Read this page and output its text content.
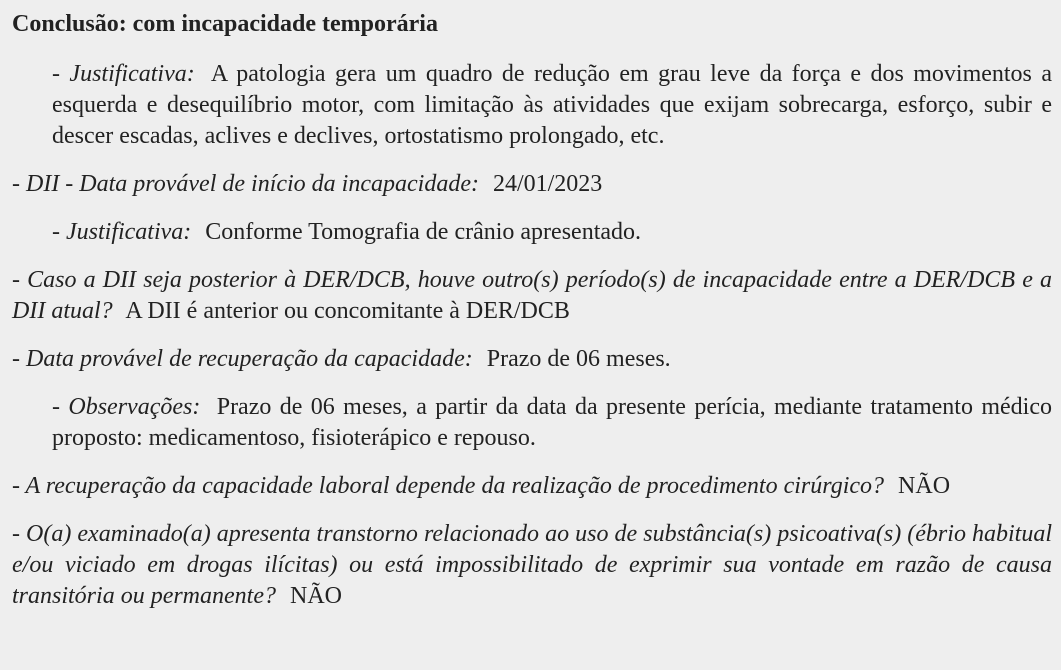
Conclusão: com incapacidade temporária
- Justificativa: A patologia gera um quadro de redução em grau leve da força e dos movimentos a esquerda e desequilíbrio motor, com limitação às atividades que exijam sobrecarga, esforço, subir e descer escadas, aclives e declives, ortostatismo prolongado, etc.
- DII - Data provável de início da incapacidade: 24/01/2023
- Justificativa: Conforme Tomografia de crânio apresentado.
- Caso a DII seja posterior à DER/DCB, houve outro(s) período(s) de incapacidade entre a DER/DCB e a DII atual? A DII é anterior ou concomitante à DER/DCB
- Data provável de recuperação da capacidade: Prazo de 06 meses.
- Observações: Prazo de 06 meses, a partir da data da presente perícia, mediante tratamento médico proposto: medicamentoso, fisioterápico e repouso.
- A recuperação da capacidade laboral depende da realização de procedimento cirúrgico? NÃO
- O(a) examinado(a) apresenta transtorno relacionado ao uso de substância(s) psicoativa(s) (ébrio habitual e/ou viciado em drogas ilícitas) ou está impossibilitado de exprimir sua vontade em razão de causa transitória ou permanente? NÃO
